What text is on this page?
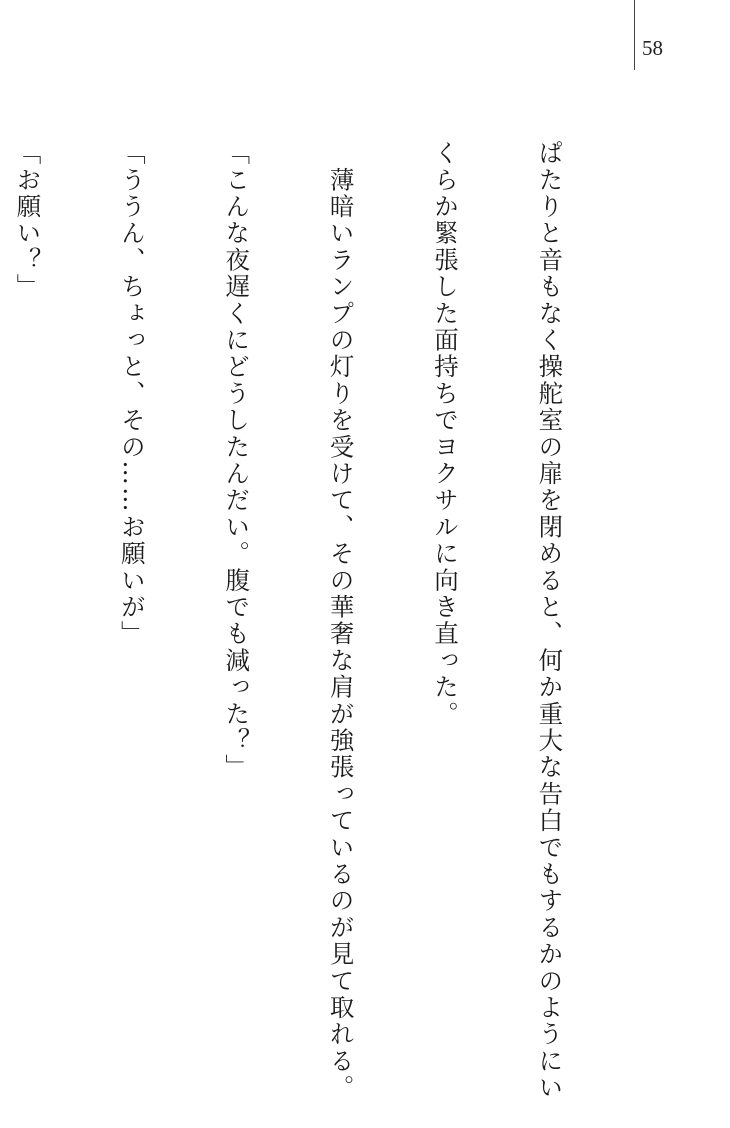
58

ぱたりと音もなく操舵室の扉を閉めると、何か重大な告白でもするかのようにい

くらか緊張した面持ちでヨクサルに向き直った。

　薄暗いランプの灯りを受けて、その華奢な肩が強張っているのが見て取れる。

「こんな夜遅くにどうしたんだい。腹でも減った？」

「ううん、ちょっと、その……お願いが」

「お願い？」
